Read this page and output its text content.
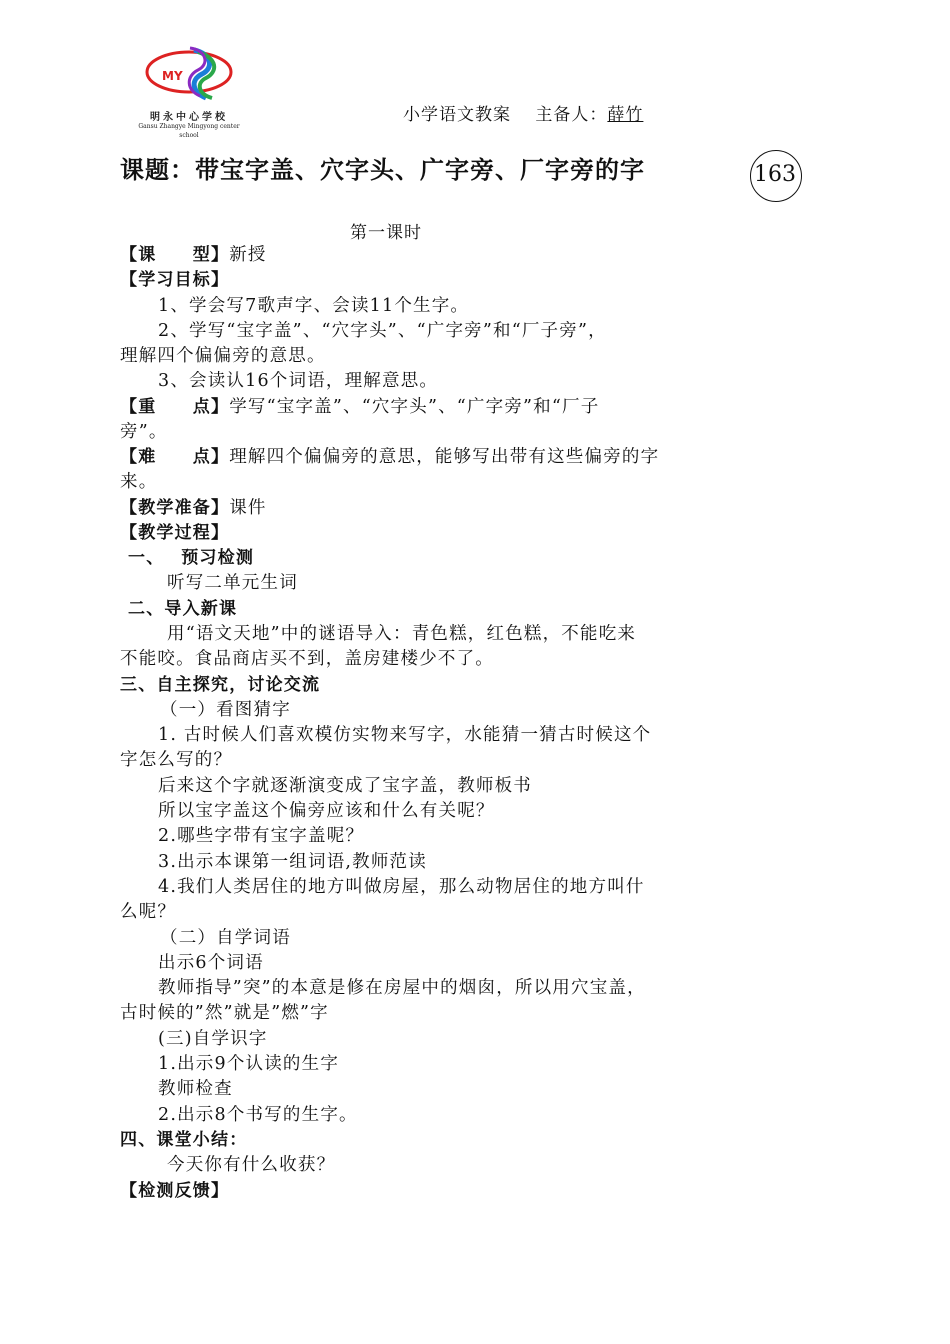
MY
明永中心学校
Gansu Zhangye Mingyong center school
小学语文教案　 主备人：薛竹
课题：带宝字盖、穴字头、广字旁、厂字旁的字	163
第一课时
【课　　型】新授
【学习目标】
1、学会写7歌声字、会读11个生字。
2、学写“宝字盖”、“穴字头”、“广字旁”和“厂子旁”，
理解四个偏偏旁的意思。
3、会读认16个词语，理解意思。
【重　　点】学写“宝字盖”、“穴字头”、“广字旁”和“厂子
旁”。
【难　　点】理解四个偏偏旁的意思，能够写出带有这些偏旁的字
来。
【教学准备】课件
【教学过程】
一、　 预习检测
听写二单元生词
二、导入新课
用“语文天地”中的谜语导入：青色糕，红色糕，不能吃来
不能咬。食品商店买不到，盖房建楼少不了。
三、自主探究，讨论交流
（一）看图猜字
1. 古时候人们喜欢模仿实物来写字，水能猜一猜古时候这个
字怎么写的？
后来这个字就逐渐演变成了宝字盖，教师板书
所以宝字盖这个偏旁应该和什么有关呢？
2.哪些字带有宝字盖呢？
3.出示本课第一组词语,教师范读
4.我们人类居住的地方叫做房屋，那么动物居住的地方叫什
么呢？
（二）自学词语
出示6个词语
教师指导”突”的本意是修在房屋中的烟囱，所以用穴宝盖，
古时候的”然”就是”燃”字
(三)自学识字
1.出示9个认读的生字
教师检查
2.出示8个书写的生字。
四、课堂小结：
今天你有什么收获？
【检测反馈】
